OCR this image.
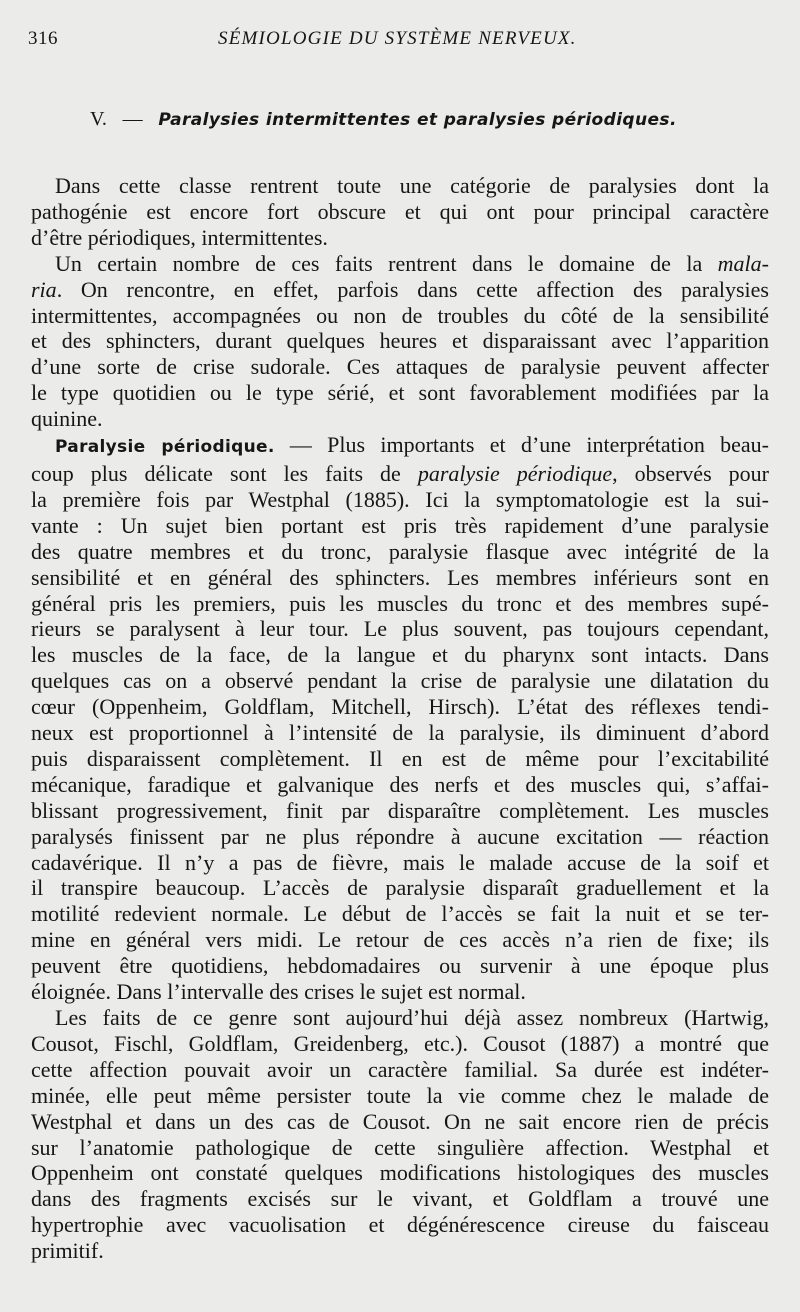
316	SÉMIOLOGIE DU SYSTÈME NERVEUX.
V. — Paralysies intermittentes et paralysies périodiques.
Dans cette classe rentrent toute une catégorie de paralysies dont la
pathogénie est encore fort obscure et qui ont pour principal caractère
d’être périodiques, intermittentes.
Un certain nombre de ces faits rentrent dans le domaine de la mala-
ria. On rencontre, en effet, parfois dans cette affection des paralysies
intermittentes, accompagnées ou non de troubles du côté de la sensibilité
et des sphincters, durant quelques heures et disparaissant avec l’apparition
d’une sorte de crise sudorale. Ces attaques de paralysie peuvent affecter
le type quotidien ou le type sérié, et sont favorablement modifiées par la
quinine.
Paralysie périodique. — Plus importants et d’une interprétation beau-
coup plus délicate sont les faits de paralysie périodique, observés pour
la première fois par Westphal (1885). Ici la symptomatologie est la sui-
vante : Un sujet bien portant est pris très rapidement d’une paralysie
des quatre membres et du tronc, paralysie flasque avec intégrité de la
sensibilité et en général des sphincters. Les membres inférieurs sont en
général pris les premiers, puis les muscles du tronc et des membres supé-
rieurs se paralysent à leur tour. Le plus souvent, pas toujours cependant,
les muscles de la face, de la langue et du pharynx sont intacts. Dans
quelques cas on a observé pendant la crise de paralysie une dilatation du
cœur (Oppenheim, Goldflam, Mitchell, Hirsch). L’état des réflexes tendi-
neux est proportionnel à l’intensité de la paralysie, ils diminuent d’abord
puis disparaissent complètement. Il en est de même pour l’excitabilité
mécanique, faradique et galvanique des nerfs et des muscles qui, s’affai-
blissant progressivement, finit par disparaître complètement. Les muscles
paralysés finissent par ne plus répondre à aucune excitation — réaction
cadavérique. Il n’y a pas de fièvre, mais le malade accuse de la soif et
il transpire beaucoup. L’accès de paralysie disparaît graduellement et la
motilité redevient normale. Le début de l’accès se fait la nuit et se ter-
mine en général vers midi. Le retour de ces accès n’a rien de fixe; ils
peuvent être quotidiens, hebdomadaires ou survenir à une époque plus
éloignée. Dans l’intervalle des crises le sujet est normal.
Les faits de ce genre sont aujourd’hui déjà assez nombreux (Hartwig,
Cousot, Fischl, Goldflam, Greidenberg, etc.). Cousot (1887) a montré que
cette affection pouvait avoir un caractère familial. Sa durée est indéter-
minée, elle peut même persister toute la vie comme chez le malade de
Westphal et dans un des cas de Cousot. On ne sait encore rien de précis
sur l’anatomie pathologique de cette singulière affection. Westphal et
Oppenheim ont constaté quelques modifications histologiques des muscles
dans des fragments excisés sur le vivant, et Goldflam a trouvé une
hypertrophie avec vacuolisation et dégénérescence cireuse du faisceau
primitif.
